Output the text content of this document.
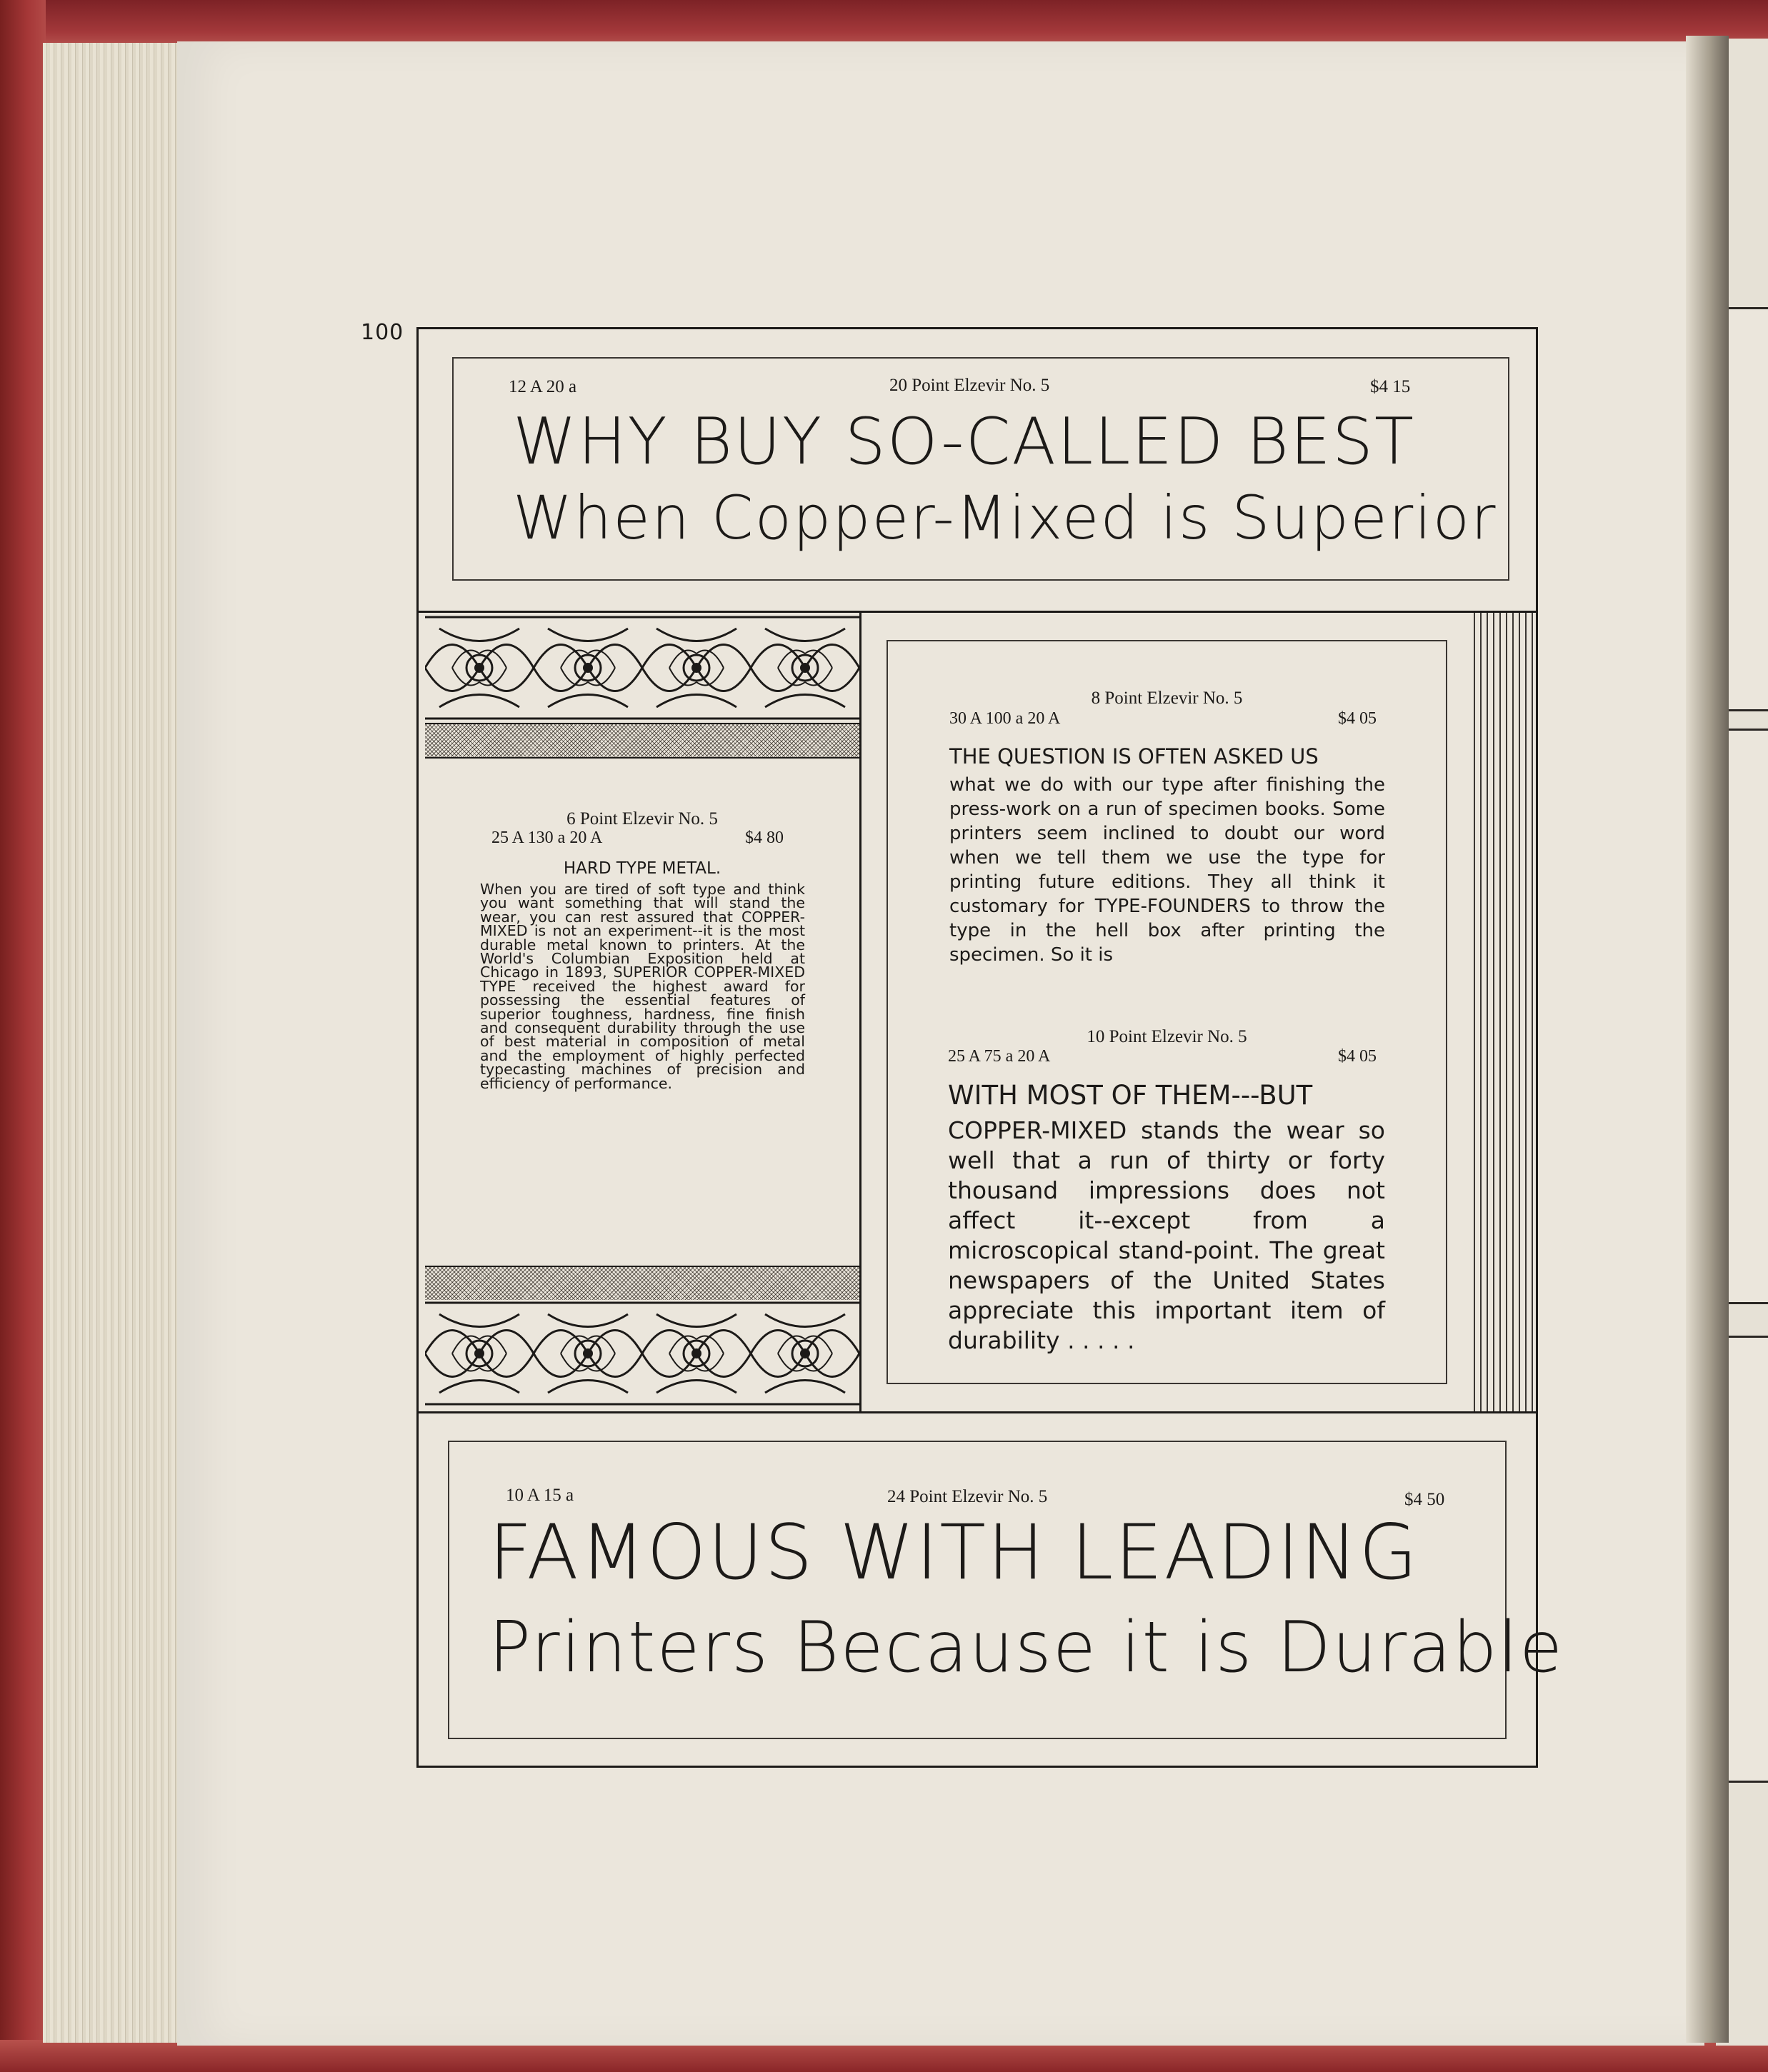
100
12 A 20 a	20 Point Elzevir No. 5	$4 15
WHY BUY SO-CALLED BEST
When Copper-Mixed is Superior
6 Point Elzevir No. 5
25 A 130 a 20 A	$4 80
HARD TYPE METAL.
When you are tired of soft type and think you want something that will stand the wear, you can rest assured that COPPER-MIXED is not an experiment--it is the most durable metal known to printers. At the World's Columbian Exposition held at Chicago in 1893, SUPERIOR COPPER-MIXED TYPE received the highest award for possessing the essential features of superior toughness, hardness, fine finish and consequent durability through the use of best material in composition of metal and the employment of highly perfected typecasting machines of precision and efficiency of performance.
8 Point Elzevir No. 5
30 A 100 a 20 A	$4 05
THE QUESTION IS OFTEN ASKED US
what we do with our type after finishing the press-work on a run of specimen books. Some printers seem inclined to doubt our word when we tell them we use the type for printing future editions. They all think it customary for TYPE-FOUNDERS to throw the type in the hell box after printing the specimen. So it is
10 Point Elzevir No. 5
25 A 75 a 20 A	$4 05
WITH MOST OF THEM---BUT
COPPER-MIXED stands the wear so well that a run of thirty or forty thousand impressions does not affect it--except from a microscopical stand-point. The great newspapers of the United States appreciate this important item of durability . . . . .
10 A 15 a	24 Point Elzevir No. 5	$4 50
FAMOUS WITH LEADING
Printers Because it is Durable
